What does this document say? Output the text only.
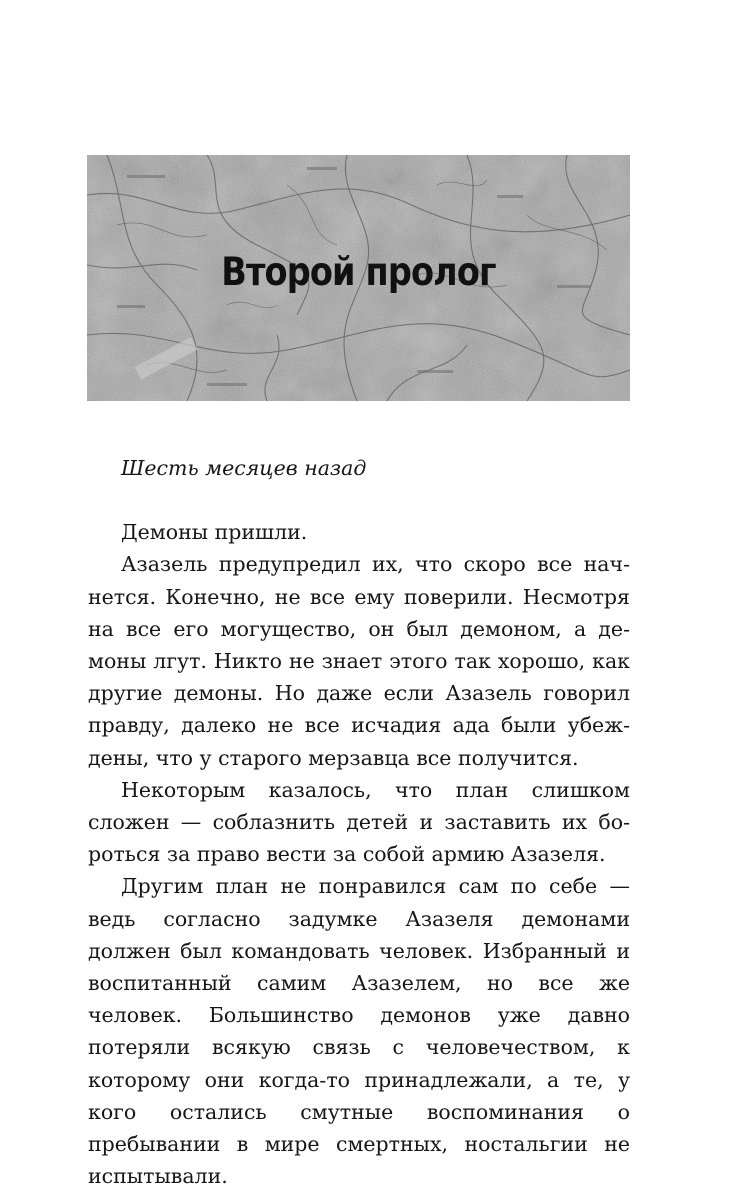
Второй пролог

Шесть месяцев назад

Демоны пришли.

Азазель предупредил их, что скоро все начнется. Конечно, не все ему поверили. Несмотря на все его могущество, он был демоном, а демоны лгут. Никто не знает этого так хорошо, как другие демоны. Но даже если Азазель говорил правду, далеко не все исчадия ада были убеждены, что у старого мерзавца все получится.

Некоторым казалось, что план слишком сложен — соблазнить детей и заставить их бороться за право вести за собой армию Азазеля.

Другим план не понравился сам по себе — ведь согласно задумке Азазеля демонами должен был командовать человек. Избранный и воспитанный самим Азазелем, но все же человек. Большинство демонов уже давно потеряли всякую связь с человечеством, к которому они когда-то принадлежали, а те, у кого остались смутные воспоминания о пребывании в мире смертных, ностальгии не испытывали.
